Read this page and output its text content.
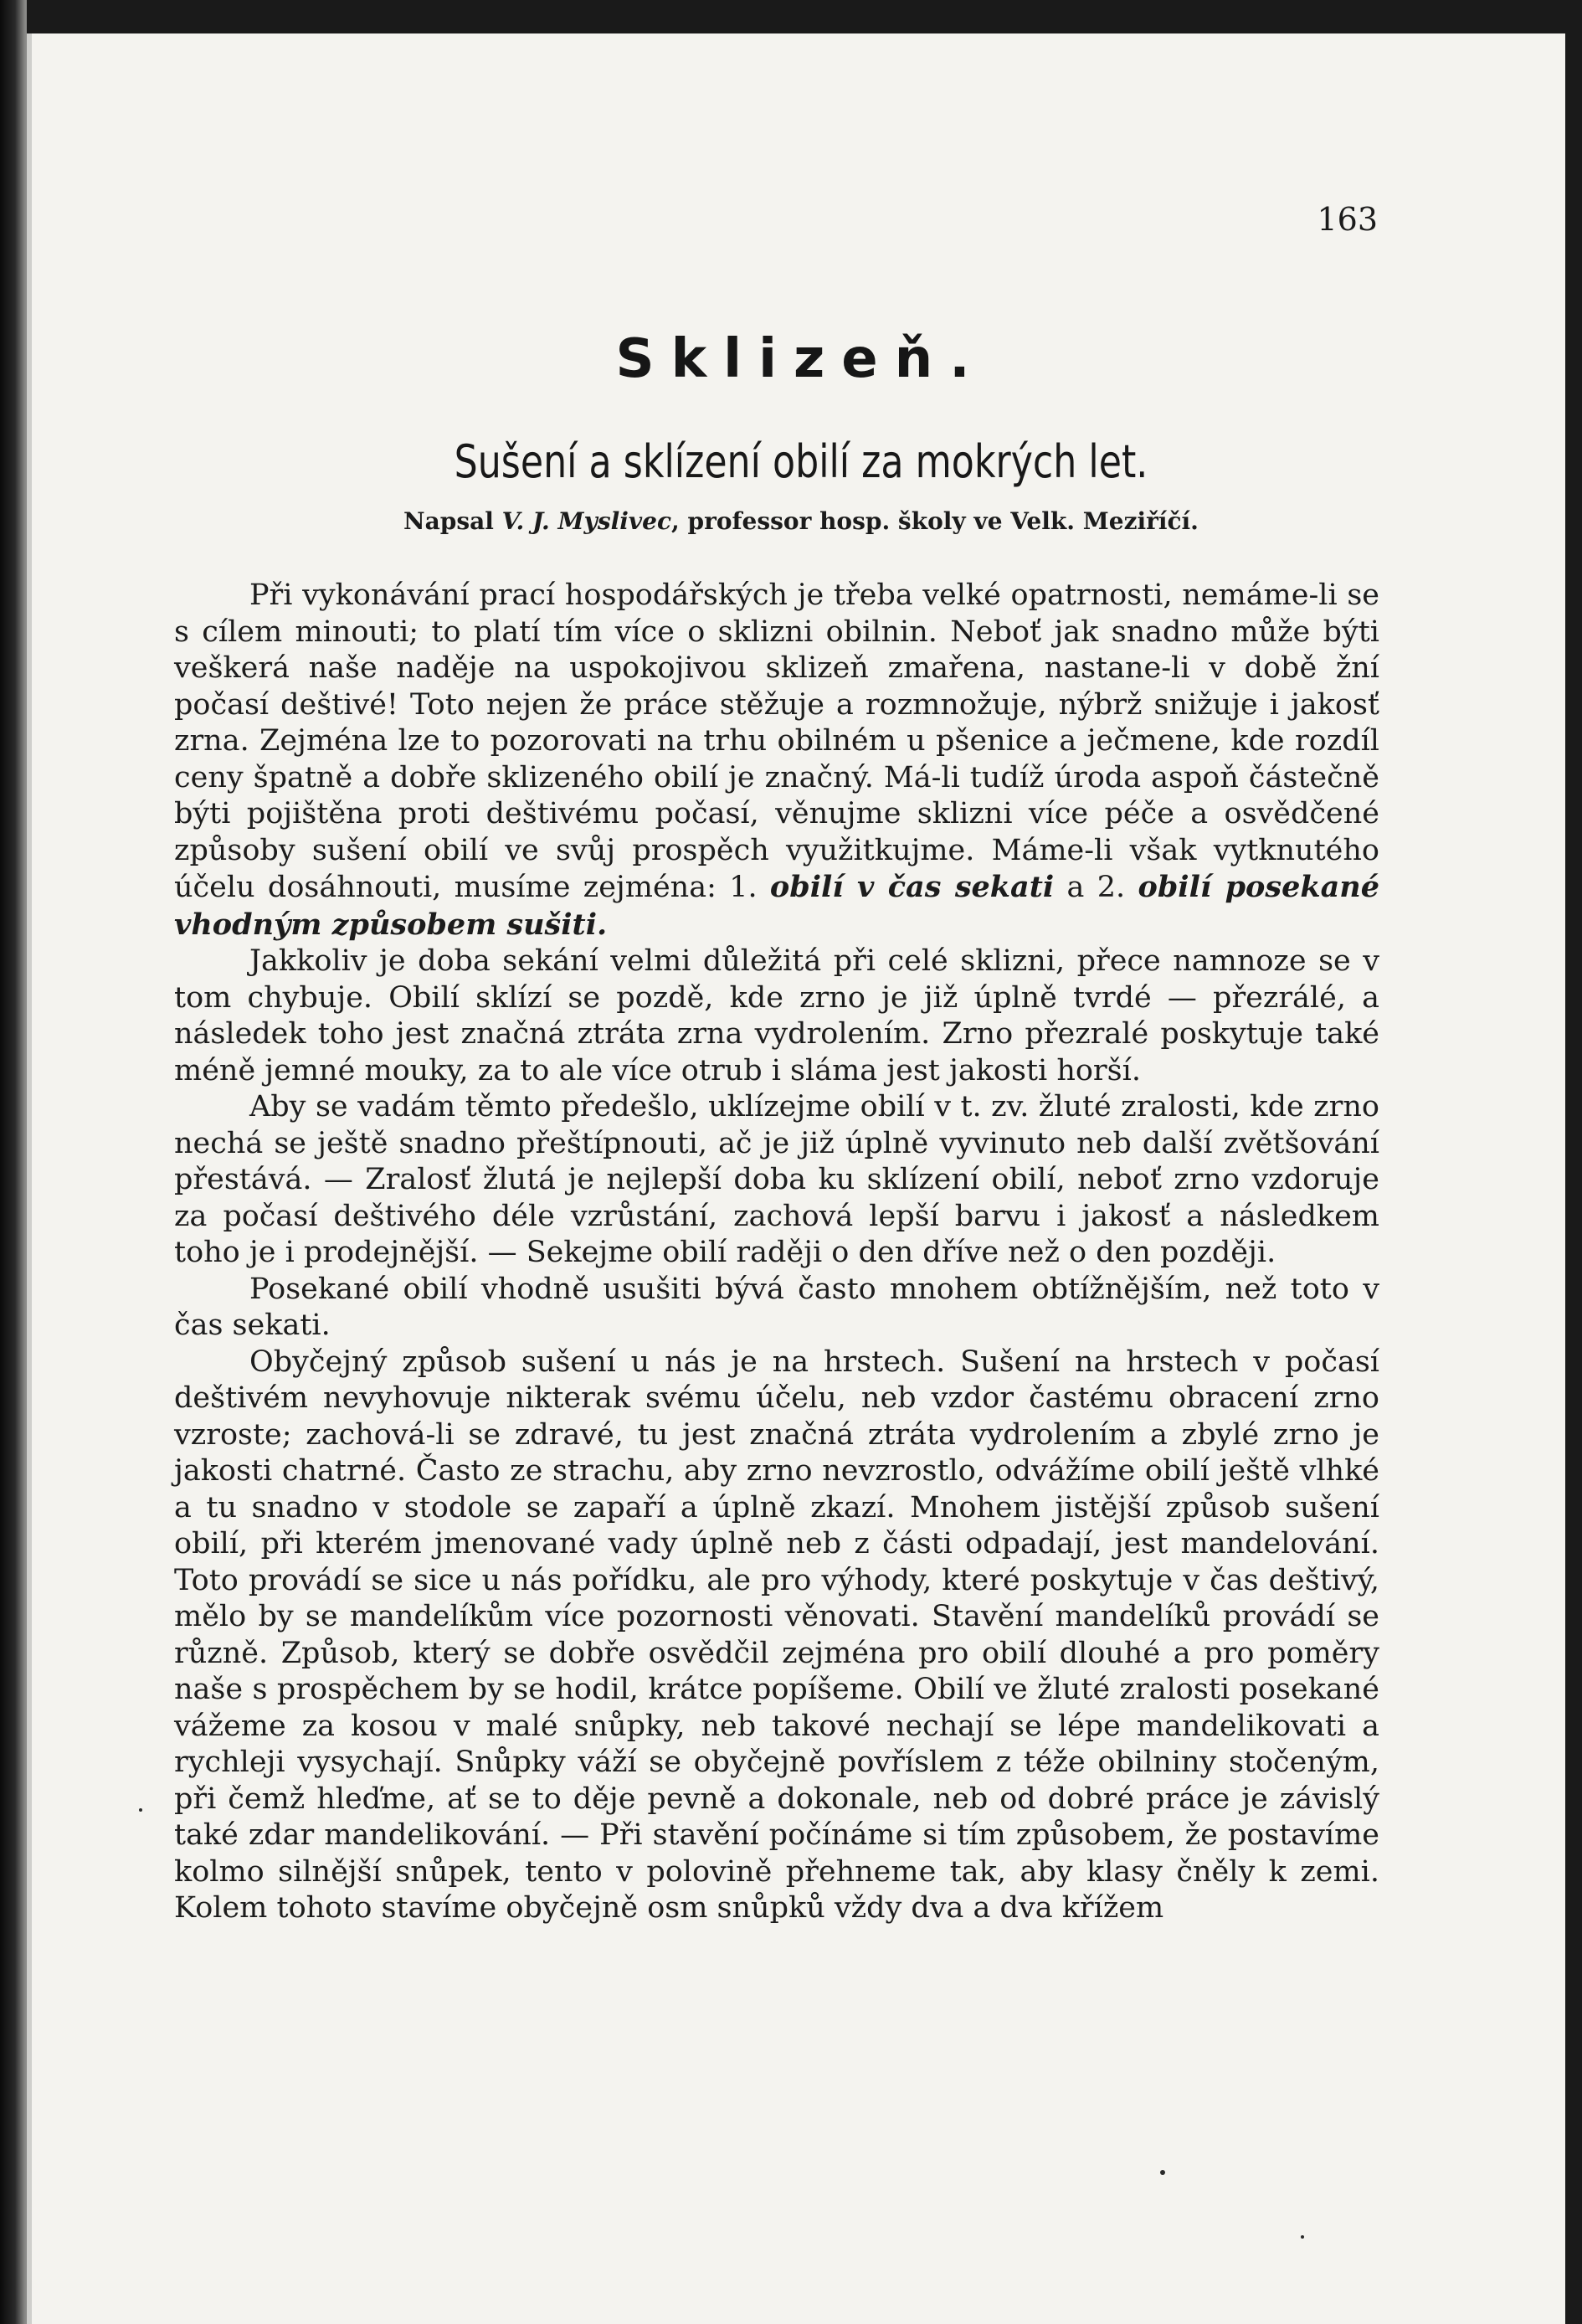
163
Sklizeň.
Sušení a sklízení obilí za mokrých let.
Napsal V. J. Myslivec, professor hosp. školy ve Velk. Meziříčí.

Při vykonávání prací hospodářských je třeba velké opatrnosti, nemáme-li se s cílem minouti; to platí tím více o sklizni obilnin. Neboť jak snadno může býti veškerá naše naděje na uspokojivou sklizeň zmařena, nastane-li v době žní počasí deštivé! Toto nejen že práce stěžuje a rozmnožuje, nýbrž snižuje i jakosť zrna. Zejména lze to pozorovati na trhu obilném u pšenice a ječmene, kde rozdíl ceny špatně a dobře sklizeného obilí je značný. Má-li tudíž úroda aspoň částečně býti pojištěna proti deštivému počasí, věnujme sklizni více péče a osvědčené způsoby sušení obilí ve svůj prospěch využitkujme. Máme-li však vytknutého účelu dosáhnouti, musíme zejména: 1. obilí v čas sekati a 2. obilí posekané vhodným způsobem sušiti.

Jakkoliv je doba sekání velmi důležitá při celé sklizni, přece namnoze se v tom chybuje. Obilí sklízí se pozdě, kde zrno je již úplně tvrdé — přezrálé, a následek toho jest značná ztráta zrna vydrolením. Zrno přezralé poskytuje také méně jemné mouky, za to ale více otrub i sláma jest jakosti horší.

Aby se vadám těmto předešlo, uklízejme obilí v t. zv. žluté zralosti, kde zrno nechá se ještě snadno přeštípnouti, ač je již úplně vyvinuto neb další zvětšování přestává. — Zralosť žlutá je nejlepší doba ku sklízení obilí, neboť zrno vzdoruje za počasí deštivého déle vzrůstání, zachová lepší barvu i jakosť a následkem toho je i prodejnější. — Sekejme obilí raději o den dříve než o den později.

Posekané obilí vhodně usušiti bývá často mnohem obtížnějším, než toto v čas sekati.

Obyčejný způsob sušení u nás je na hrstech. Sušení na hrstech v počasí deštivém nevyhovuje nikterak svému účelu, neb vzdor častému obracení zrno vzroste; zachová-li se zdravé, tu jest značná ztráta vydrolením a zbylé zrno je jakosti chatrné. Často ze strachu, aby zrno nevzrostlo, odvážíme obilí ještě vlhké a tu snadno v stodole se zapaří a úplně zkazí. Mnohem jistější způsob sušení obilí, při kterém jmenované vady úplně neb z části odpadají, jest mandelování. Toto provádí se sice u nás pořídku, ale pro výhody, které poskytuje v čas deštivý, mělo by se mandelíkům více pozornosti věnovati. Stavění mandelíků provádí se různě. Způsob, který se dobře osvědčil zejména pro obilí dlouhé a pro poměry naše s prospěchem by se hodil, krátce popíšeme. Obilí ve žluté zralosti posekané vážeme za kosou v malé snůpky, neb takové nechají se lépe mandelikovati a rychleji vysychají. Snůpky váží se obyčejně povříslem z téže obilniny stočeným, při čemž hleďme, ať se to děje pevně a dokonale, neb od dobré práce je závislý také zdar mandelikování. — Při stavění počínáme si tím způsobem, že postavíme kolmo silnější snůpek, tento v polovině přehneme tak, aby klasy čněly k zemi. Kolem tohoto stavíme obyčejně osm snůpků vždy dva a dva křížem
